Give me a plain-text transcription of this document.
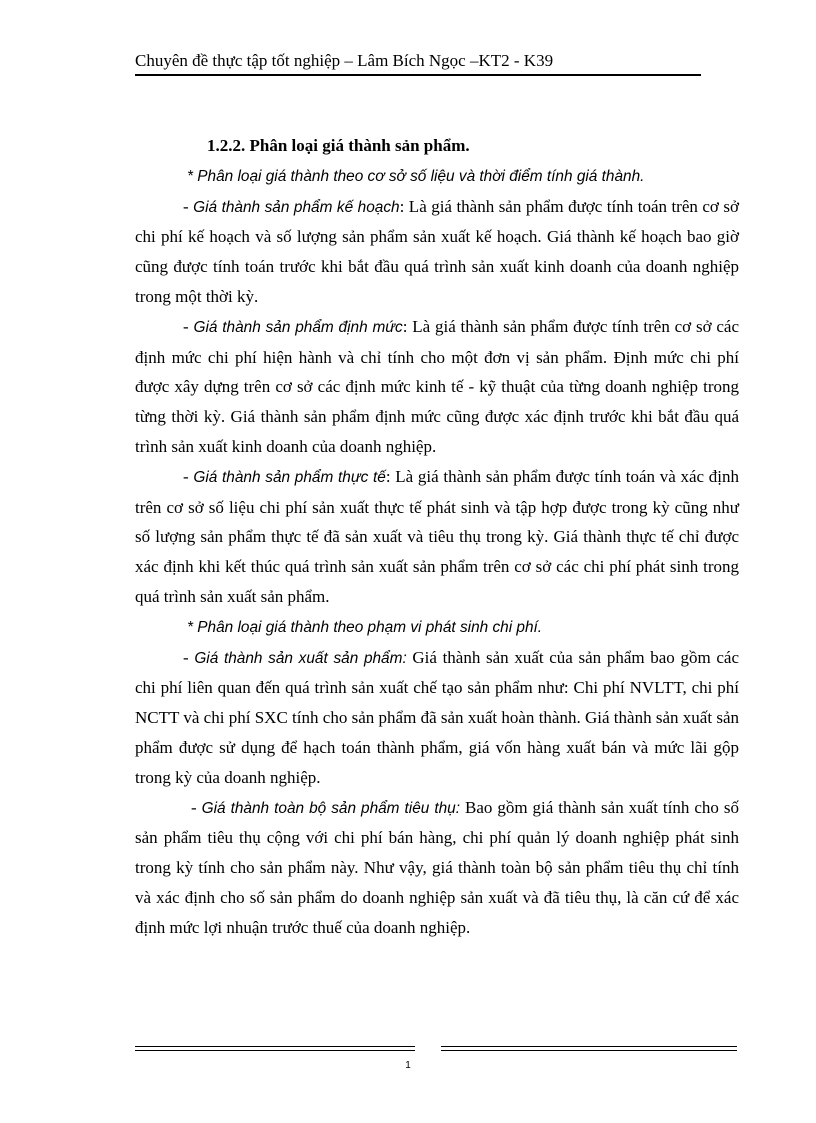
Chuyên đề thực tập tốt nghiệp – Lâm Bích Ngọc –KT2 - K39

1.2.2. Phân loại giá thành sản phẩm.

* Phân loại giá thành theo cơ sở số liệu và thời điểm tính giá thành.

- Giá thành sản phẩm kế hoạch: Là giá thành sản phẩm được tính toán trên cơ sở chi phí kế hoạch và số lượng sản phẩm sản xuất kế hoạch. Giá thành kế hoạch bao giờ cũng được tính toán trước khi bắt đầu quá trình sản xuất kinh doanh của doanh nghiệp trong một thời kỳ.

- Giá thành sản phẩm định mức: Là giá thành sản phẩm được tính trên cơ sở các định mức chi phí hiện hành và chỉ tính cho một đơn vị sản phẩm. Định mức chi phí được xây dựng trên cơ sở các định mức kinh tế - kỹ thuật của từng doanh nghiệp trong từng thời kỳ. Giá thành sản phẩm định mức cũng được xác định trước khi bắt đầu quá trình sản xuất kinh doanh của doanh nghiệp.

- Giá thành sản phẩm thực tế: Là giá thành sản phẩm được tính toán và xác định trên cơ sở số liệu chi phí sản xuất thực tế phát sinh và tập hợp được trong kỳ cũng như số lượng sản phẩm thực tế đã sản xuất và tiêu thụ trong kỳ. Giá thành thực tế chỉ được xác định khi kết thúc quá trình sản xuất sản phẩm trên cơ sở các chi phí phát sinh trong quá trình sản xuất sản phẩm.

* Phân loại giá thành theo phạm vi phát sinh chi phí.

- Giá thành sản xuất sản phẩm: Giá thành sản xuất của sản phẩm bao gồm các chi phí liên quan đến quá trình sản xuất chế tạo sản phẩm như: Chi phí NVLTT, chi phí NCTT và chi phí SXC tính cho sản phẩm đã sản xuất hoàn thành. Giá thành sản xuất sản phẩm được sử dụng để hạch toán thành phẩm, giá vốn hàng xuất bán và mức lãi gộp trong kỳ của doanh nghiệp.

- Giá thành toàn bộ sản phẩm tiêu thụ: Bao gồm giá thành sản xuất tính cho số sản phẩm tiêu thụ cộng với chi phí bán hàng, chi phí quản lý doanh nghiệp phát sinh trong kỳ tính cho sản phẩm này. Như vậy, giá thành toàn bộ sản phẩm tiêu thụ chỉ tính và xác định cho số sản phẩm do doanh nghiệp sản xuất và đã tiêu thụ, là căn cứ để xác định mức lợi nhuận trước thuế của doanh nghiệp.

1
